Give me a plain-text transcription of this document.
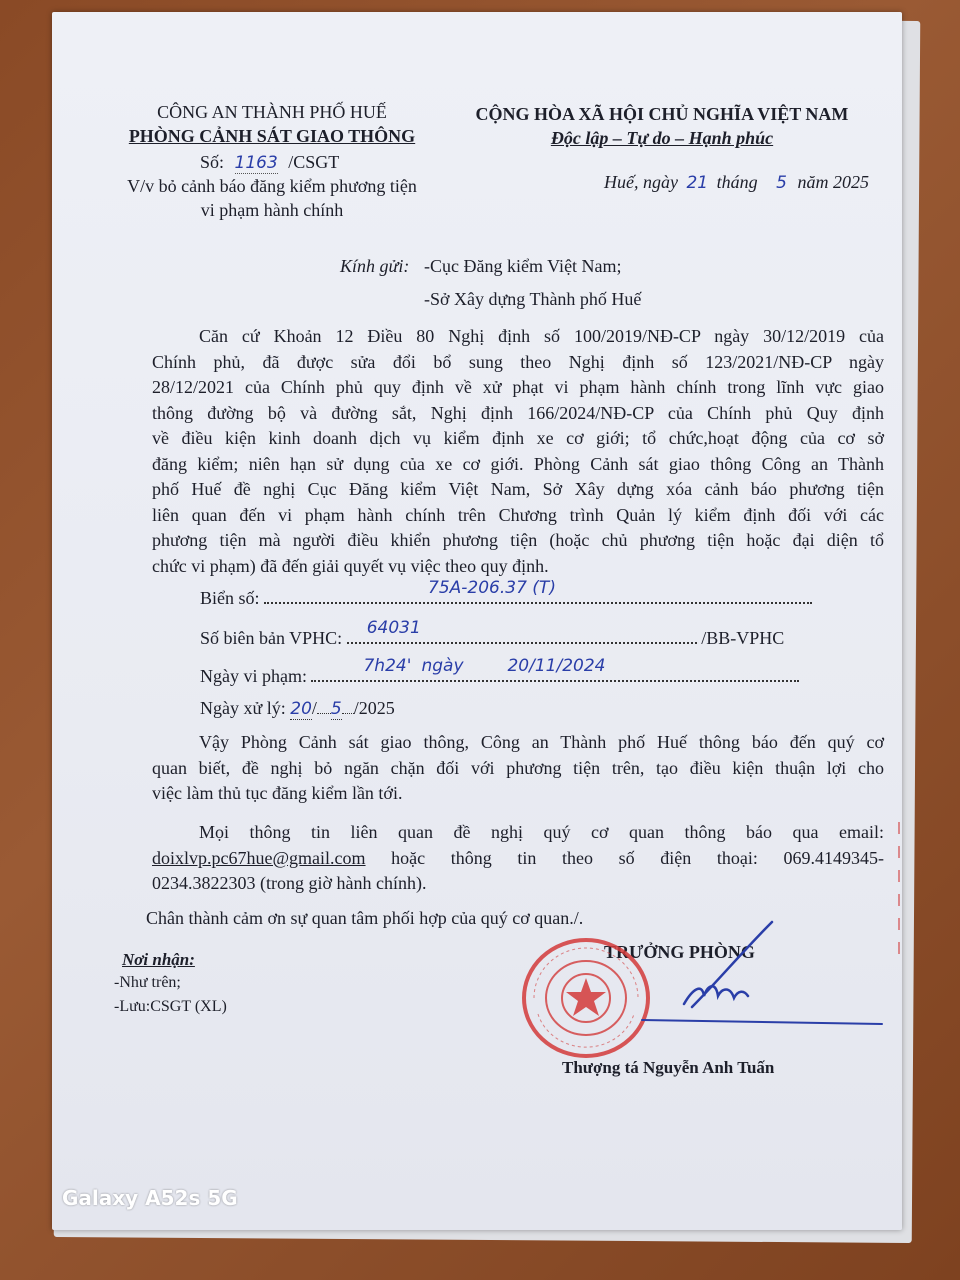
CÔNG AN THÀNH PHỐ HUẾ
PHÒNG CẢNH SÁT GIAO THÔNG
Số: 1163 /CSGT
V/v bỏ cảnh báo đăng kiểm phương tiện
vi phạm hành chính
CỘNG HÒA XÃ HỘI CHỦ NGHĨA VIỆT NAM
Độc lập – Tự do – Hạnh phúc
Huế, ngày 21 tháng 5 năm 2025
Kính gửi: -Cục Đăng kiểm Việt Nam;
-Sở Xây dựng Thành phố Huế
Căn cứ Khoản 12 Điều 80 Nghị định số 100/2019/NĐ-CP ngày 30/12/2019 của
Chính phủ, đã được sửa đổi bổ sung theo Nghị định số 123/2021/NĐ-CP ngày
28/12/2021 của Chính phủ quy định về xử phạt vi phạm hành chính trong lĩnh vực giao
thông đường bộ và đường sắt, Nghị định 166/2024/NĐ-CP của Chính phủ Quy định
về điều kiện kinh doanh dịch vụ kiểm định xe cơ giới; tổ chức,hoạt động của cơ sở
đăng kiểm; niên hạn sử dụng của xe cơ giới. Phòng Cảnh sát giao thông Công an Thành
phố Huế đề nghị Cục Đăng kiểm Việt Nam, Sở Xây dựng xóa cảnh báo phương tiện
liên quan đến vi phạm hành chính trên Chương trình Quản lý kiểm định đối với các
phương tiện mà người điều khiển phương tiện (hoặc chủ phương tiện hoặc đại diện tổ
chức vi phạm) đã đến giải quyết vụ việc theo quy định.
Biển số:	75A-206.37 (T)
Số biên bản VPHC: 64031	/BB-VPHC
Ngày vi phạm:	7h24' ngày	20/11/2024
Ngày xử lý: 20/ 5 /2025
Vậy Phòng Cảnh sát giao thông, Công an Thành phố Huế thông báo đến quý cơ
quan biết, đề nghị bỏ ngăn chặn đối với phương tiện trên, tạo điều kiện thuận lợi cho
việc làm thủ tục đăng kiểm lần tới.
Mọi thông tin liên quan đề nghị quý cơ quan thông báo qua email:
doixlvp.pc67hue@gmail.com hoặc thông tin theo số điện thoại: 069.4149345-
0234.3822303 (trong giờ hành chính).
Chân thành cảm ơn sự quan tâm phối hợp của quý cơ quan./.
Nơi nhận:
-Như trên;
-Lưu:CSGT (XL)
TRƯỞNG PHÒNG
Thượng tá Nguyễn Anh Tuấn
Galaxy A52s 5G
